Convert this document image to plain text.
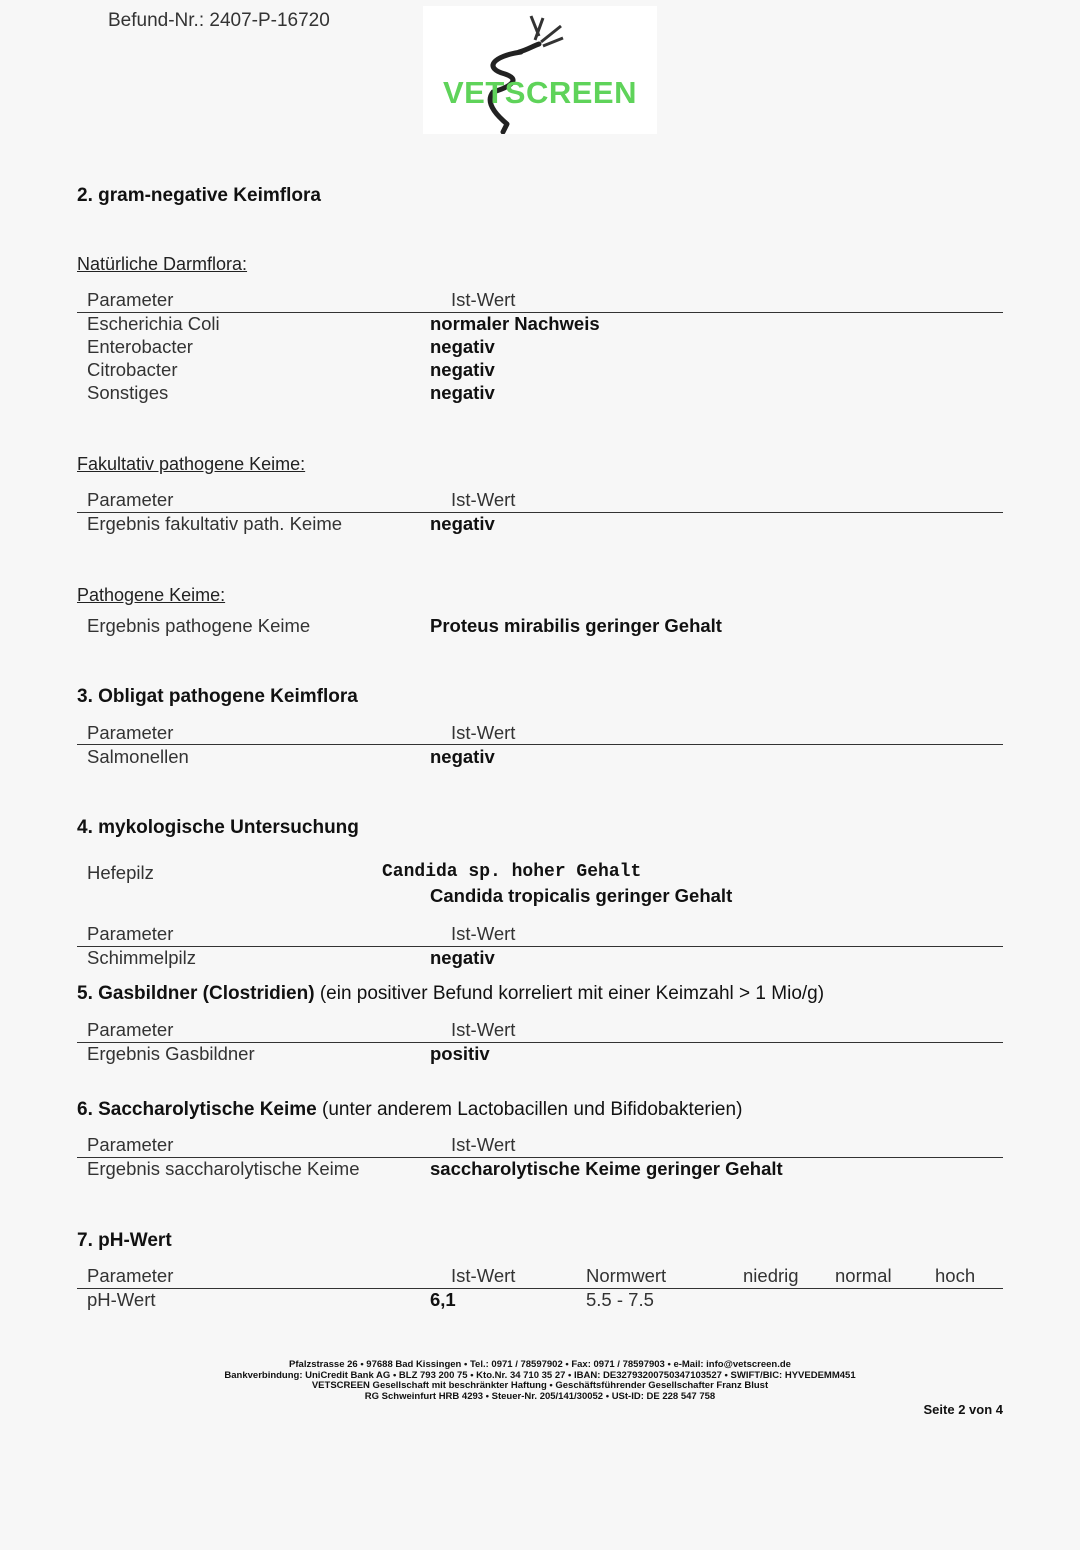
Befund-Nr.: 2407-P-16720
VETSCREEN
2. gram-negative Keimflora
Natürliche Darmflora:
Parameter	Ist-Wert
Escherichia Coli	normaler Nachweis
Enterobacter	negativ
Citrobacter	negativ
Sonstiges	negativ
Fakultativ pathogene Keime:
Parameter	Ist-Wert
Ergebnis fakultativ path. Keime	negativ
Pathogene Keime:
Ergebnis pathogene Keime	Proteus mirabilis geringer Gehalt
3. Obligat pathogene Keimflora
Parameter	Ist-Wert
Salmonellen	negativ
4. mykologische Untersuchung
Hefepilz	Candida sp. hoher Gehalt
Candida tropicalis geringer Gehalt
Parameter	Ist-Wert
Schimmelpilz	negativ
5. Gasbildner (Clostridien) (ein positiver Befund korreliert mit einer Keimzahl > 1 Mio/g)
Parameter	Ist-Wert
Ergebnis Gasbildner	positiv
6. Saccharolytische Keime (unter anderem Lactobacillen und Bifidobakterien)
Parameter	Ist-Wert
Ergebnis saccharolytische Keime	saccharolytische Keime geringer Gehalt
7. pH-Wert
Parameter	Ist-Wert	Normwert	niedrig normal hoch
pH-Wert	6,1	5.5 - 7.5
Pfalzstrasse 26 • 97688 Bad Kissingen • Tel.: 0971 / 78597902 • Fax: 0971 / 78597903 • e-Mail: info@vetscreen.de
Bankverbindung: UniCredit Bank AG • BLZ 793 200 75 • Kto.Nr. 34 710 35 27 • IBAN: DE32793200750347103527 • SWIFT/BIC: HYVEDEMM451
VETSCREEN Gesellschaft mit beschränkter Haftung • Geschäftsführender Gesellschafter Franz Blust
RG Schweinfurt HRB 4293 • Steuer-Nr. 205/141/30052 • USt-ID: DE 228 547 758
Seite 2 von 4
